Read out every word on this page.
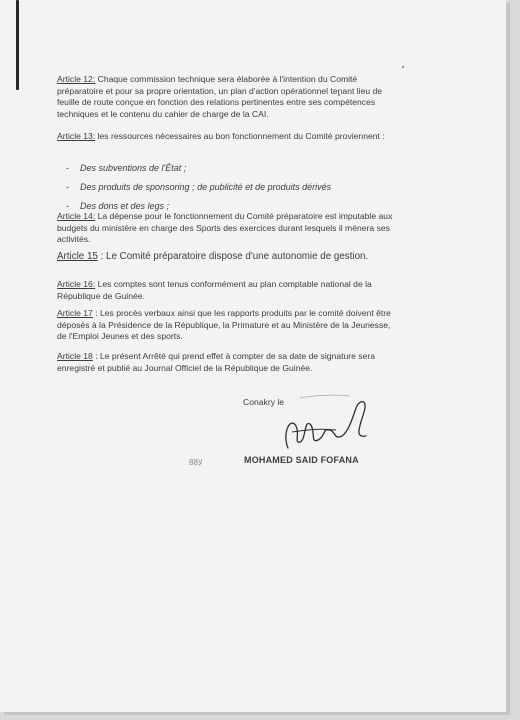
Article 12: Chaque commission technique sera élaborée à l'intention du Comité préparatoire et pour sa propre orientation, un plan d'action opérationnel tenant lieu de feuille de route conçue en fonction des relations pertinentes entre ses compétences techniques et le contenu du cahier de charge de la CAI.

Article 13: les ressources nécessaires au bon fonctionnement du Comité proviennent :

- Des subventions de l'État ;
- Des produits de sponsoring ; de publicité et de produits dérivés
- Des dons et des legs ;

Article 14: La dépense pour le fonctionnement du Comité préparatoire est imputable aux budgets du ministère en charge des Sports des exercices durant lesquels il ménera ses activités.

Article 15 : Le Comité préparatoire dispose d'une autonomie de gestion.

Article 16: Les comptes sont tenus conformément au plan comptable national de la République de Guinée.

Article 17 : Les procès verbaux ainsi que les rapports produits par le comité doivent être déposés à la Présidence de la République, la Primature et au Ministère de la Jeunesse, de l'Emploi Jeunes et des sports.

Article 18 : Le présent Arrêté qui prend effet à compter de sa date de signature sera enregistré et publié au Journal Officiel de la République de Guinée.

Conakry le
ﻻ88	MOHAMED SAID FOFANA
